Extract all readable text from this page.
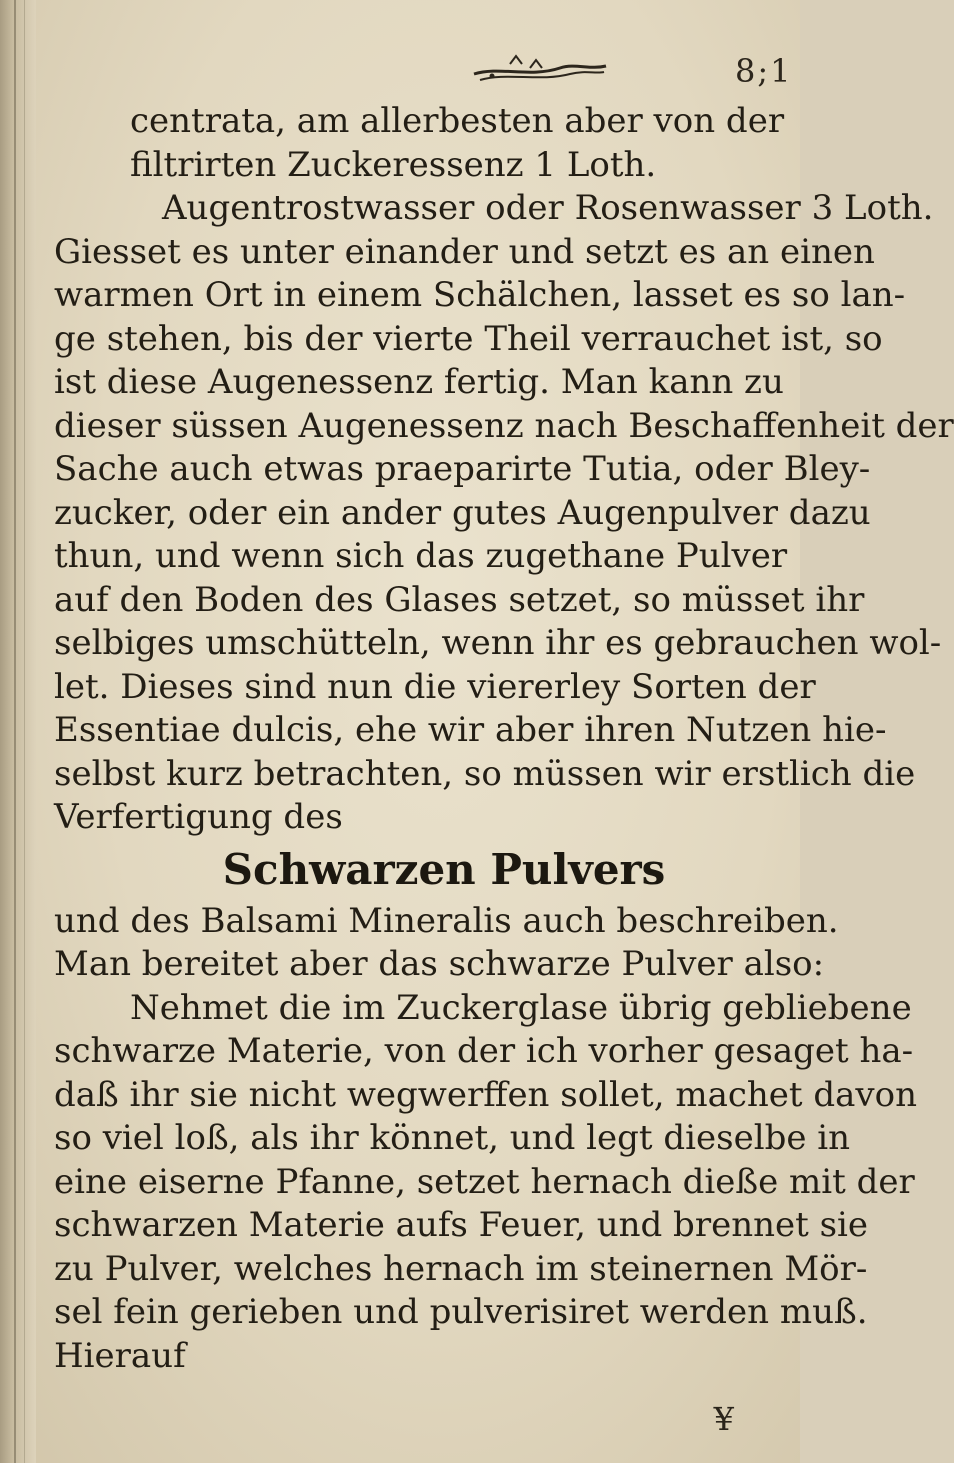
8;1
centrata, am allerbesten aber von der
filtrirten Zuckeressenz 1 Loth.
Augentrostwasser oder Rosenwasser 3 Loth.
Giesset es unter einander und setzt es an einen
warmen Ort in einem Schälchen, lasset es so lan-
ge stehen, bis der vierte Theil verrauchet ist, so
ist diese Augenessenz fertig. Man kann zu
dieser süssen Augenessenz nach Beschaffenheit der
Sache auch etwas praeparirte Tutia, oder Bley-
zucker, oder ein ander gutes Augenpulver dazu
thun, und wenn sich das zugethane Pulver
auf den Boden des Glases setzet, so müsset ihr
selbiges umschütteln, wenn ihr es gebrauchen wol-
let. Dieses sind nun die viererley Sorten der
Essentiae dulcis, ehe wir aber ihren Nutzen hie-
selbst kurz betrachten, so müssen wir erstlich die
Verfertigung des
Schwarzen Pulvers
und des Balsami Mineralis auch beschreiben.
Man bereitet aber das schwarze Pulver also:
Nehmet die im Zuckerglase übrig gebliebene
schwarze Materie, von der ich vorher gesaget ha-
daß ihr sie nicht wegwerffen sollet, machet davon
so viel loß, als ihr könnet, und legt dieselbe in
eine eiserne Pfanne, setzet hernach dieße mit der
schwarzen Materie aufs Feuer, und brennet sie
zu Pulver, welches hernach im steinernen Mör-
sel fein gerieben und pulverisiret werden muß.
Hierauf
¥
